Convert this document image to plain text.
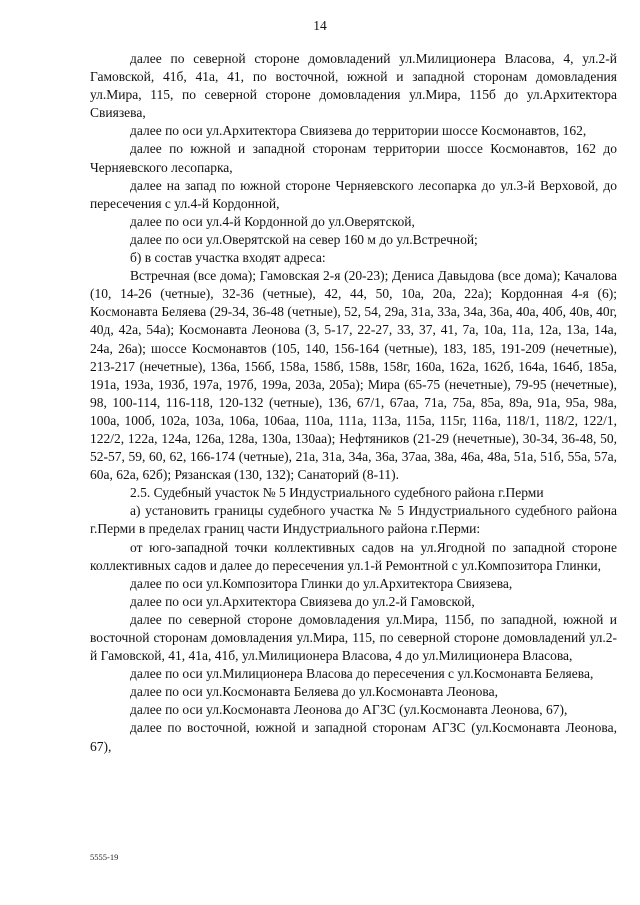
14

далее по северной стороне домовладений ул.Милиционера Власова, 4, ул.2-й Гамовской, 41б, 41а, 41, по восточной, южной и западной сторонам домовладения ул.Мира, 115, по северной стороне домовладения ул.Мира, 115б до ул.Архитектора Свиязева,

далее по оси ул.Архитектора Свиязева до территории шоссе Космонавтов, 162,

далее по южной и западной сторонам территории шоссе Космонавтов, 162 до Черняевского лесопарка,

далее на запад по южной стороне Черняевского лесопарка до ул.3-й Верховой, до пересечения с ул.4-й Кордонной,

далее по оси ул.4-й Кордонной до ул.Оверятской,

далее по оси ул.Оверятской на север 160 м до ул.Встречной;

б) в состав участка входят адреса:

Встречная (все дома); Гамовская 2-я (20-23); Дениса Давыдова (все дома); Качалова (10, 14-26 (четные), 32-36 (четные), 42, 44, 50, 10а, 20а, 22а); Кордонная 4-я (6); Космонавта Беляева (29-34, 36-48 (четные), 52, 54, 29а, 31а, 33а, 34а, 36а, 40а, 40б, 40в, 40г, 40д, 42а, 54а); Космонавта Леонова (3, 5-17, 22-27, 33, 37, 41, 7а, 10а, 11а, 12а, 13а, 14а, 24а, 26а); шоссе Космонавтов (105, 140, 156-164 (четные), 183, 185, 191-209 (нечетные), 213-217 (нечетные), 136а, 156б, 158а, 158б, 158в, 158г, 160а, 162а, 162б, 164а, 164б, 185а, 191а, 193а, 193б, 197а, 197б, 199а, 203а, 205а); Мира (65-75 (нечетные), 79-95 (нечетные), 98, 100-114, 116-118, 120-132 (четные), 136, 67/1, 67аа, 71а, 75а, 85а, 89а, 91а, 95а, 98а, 100а, 100б, 102а, 103а, 106а, 106аа, 110а, 111а, 113а, 115а, 115г, 116а, 118/1, 118/2, 122/1, 122/2, 122а, 124а, 126а, 128а, 130а, 130аа); Нефтяников (21-29 (нечетные), 30-34, 36-48, 50, 52-57, 59, 60, 62, 166-174 (четные), 21а, 31а, 34а, 36а, 37аа, 38а, 46а, 48а, 51а, 51б, 55а, 57а, 60а, 62а, 62б); Рязанская (130, 132); Санаторий (8-11).

2.5. Судебный участок № 5 Индустриального судебного района г.Перми

а) установить границы судебного участка № 5 Индустриального судебного района г.Перми в пределах границ части Индустриального района г.Перми:

от юго-западной точки коллективных садов на ул.Ягодной по западной стороне коллективных садов и далее до пересечения ул.1-й Ремонтной с ул.Композитора Глинки,

далее по оси ул.Композитора Глинки до ул.Архитектора Свиязева,

далее по оси ул.Архитектора Свиязева до ул.2-й Гамовской,

далее по северной стороне домовладения ул.Мира, 115б, по западной, южной и восточной сторонам домовладения ул.Мира, 115, по северной стороне домовладений ул.2-й Гамовской, 41, 41а, 41б, ул.Милиционера Власова, 4 до ул.Милиционера Власова,

далее по оси ул.Милиционера Власова до пересечения с ул.Космонавта Беляева,

далее по оси ул.Космонавта Беляева до ул.Космонавта Леонова,

далее по оси ул.Космонавта Леонова до АГЗС (ул.Космонавта Леонова, 67),

далее по восточной, южной и западной сторонам АГЗС (ул.Космонавта Леонова, 67),

5555-19
